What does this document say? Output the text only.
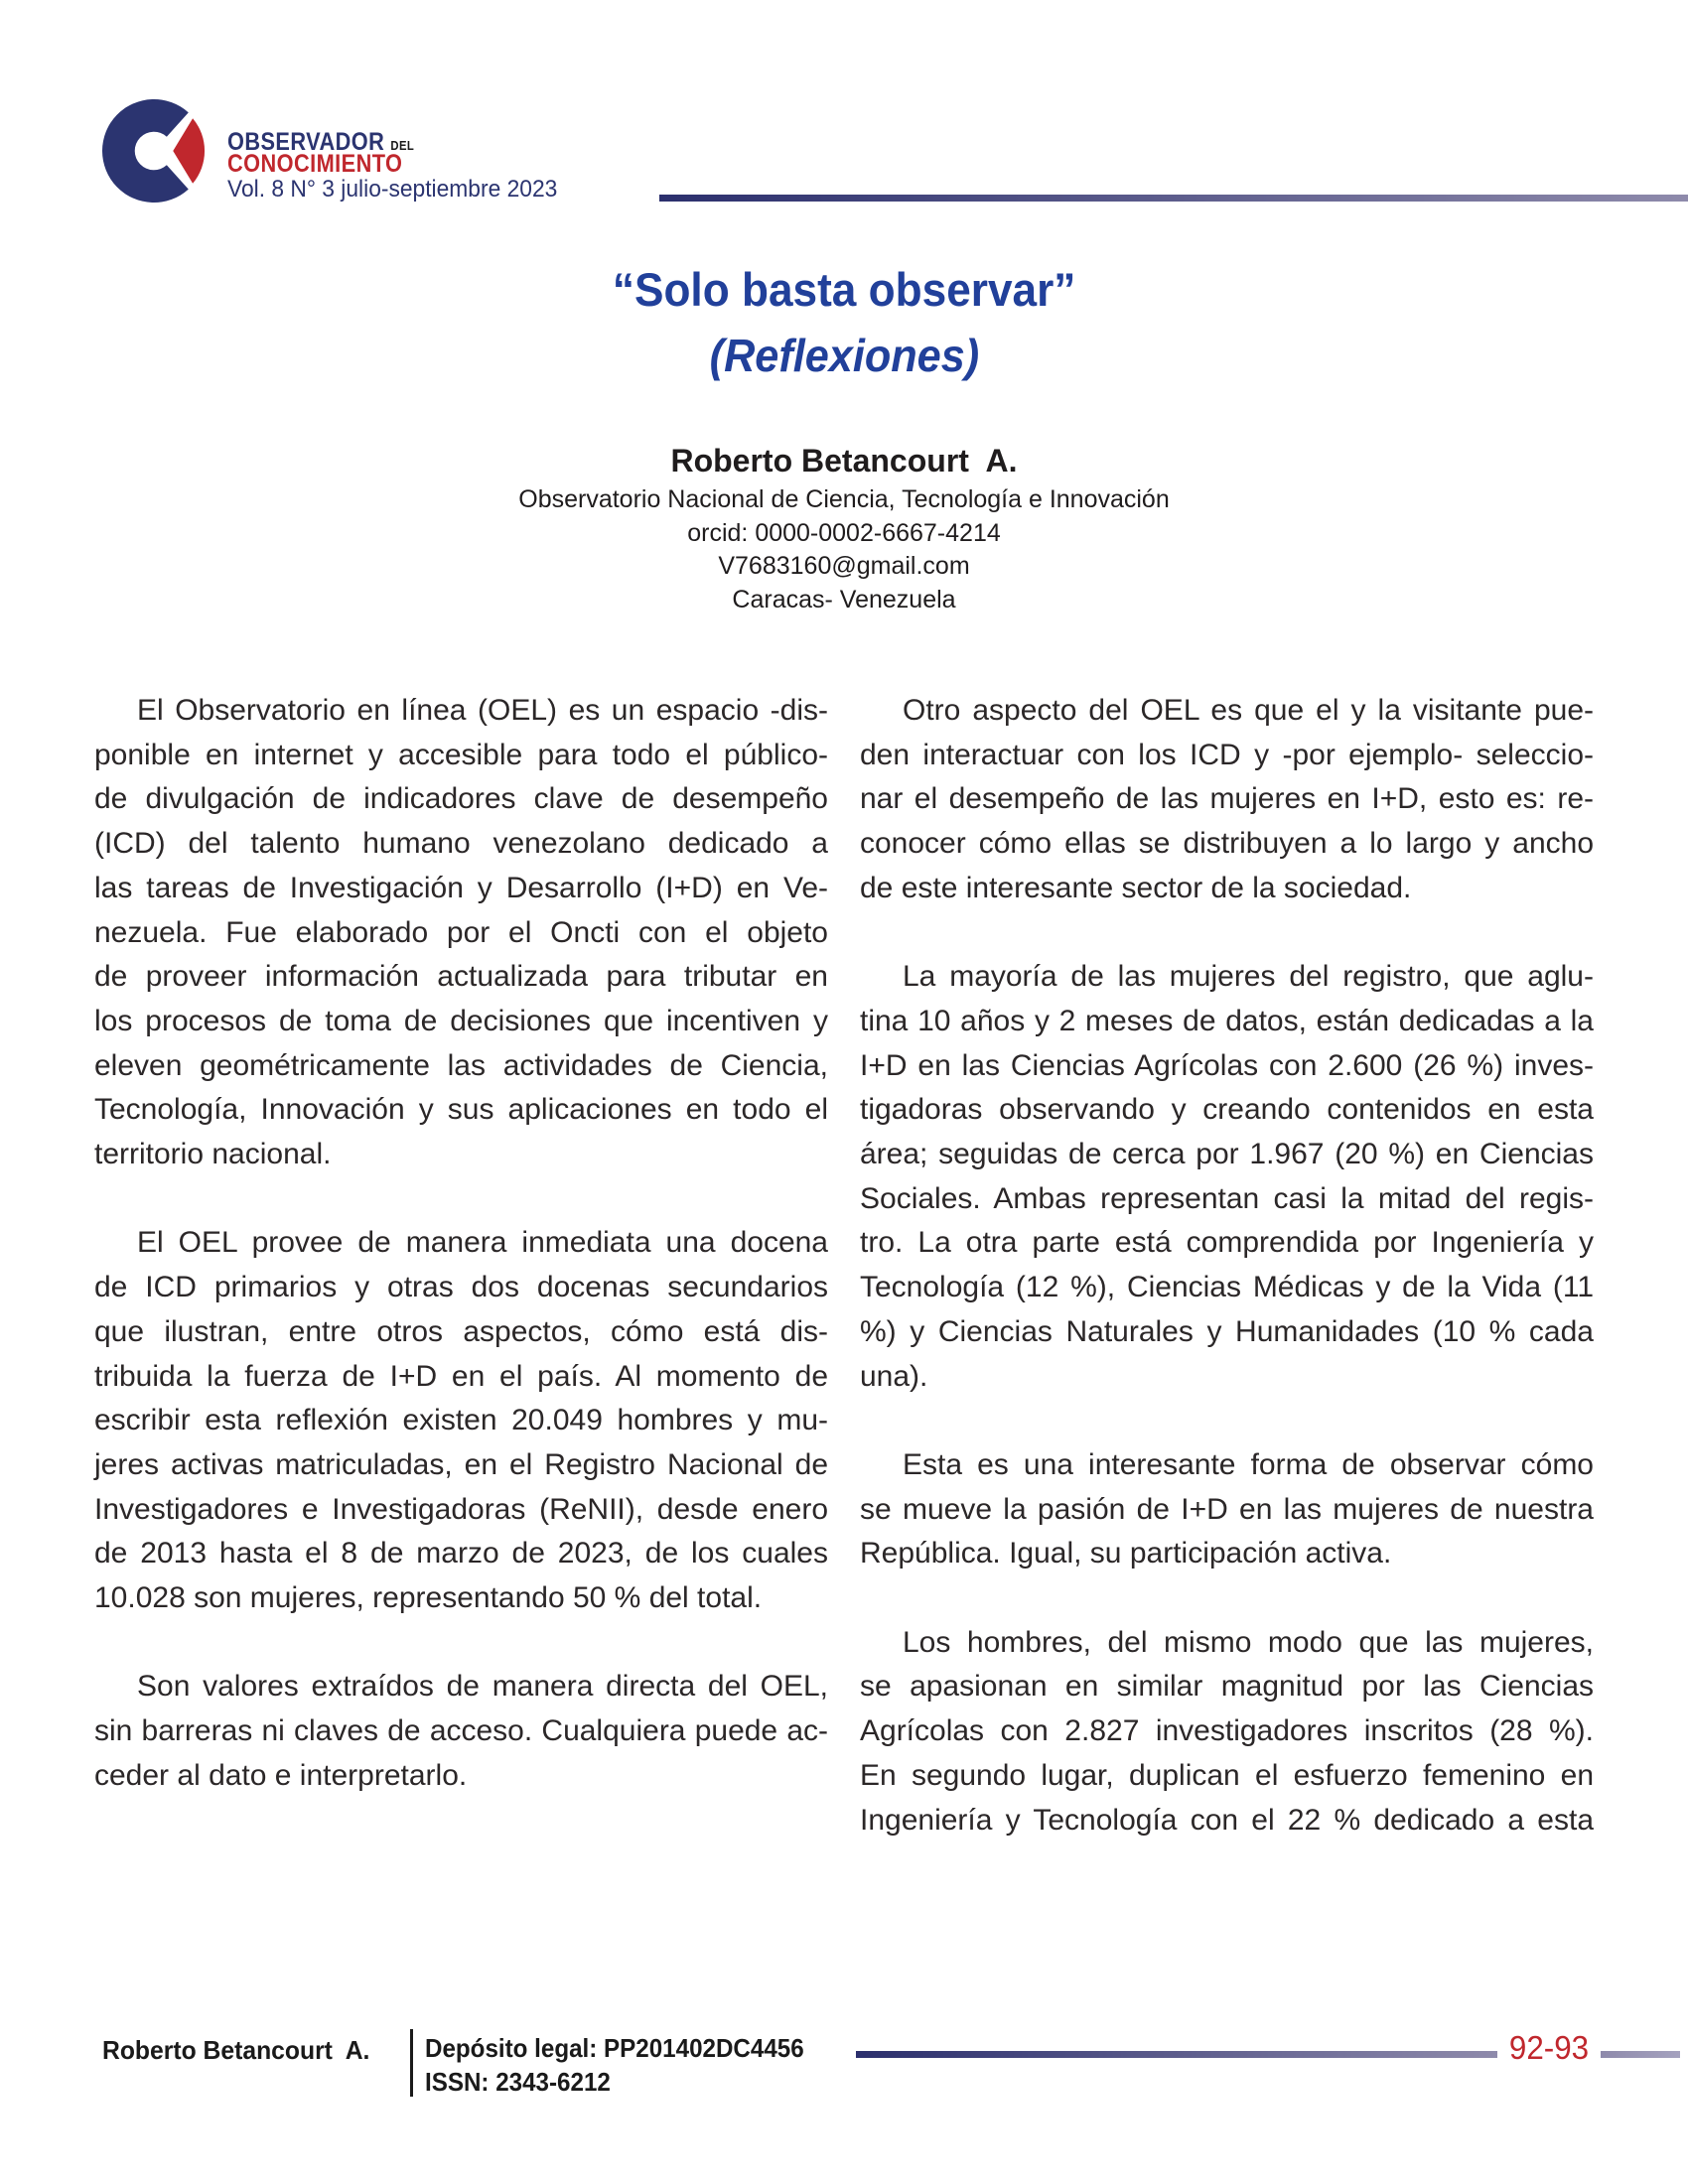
OBSERVADOR DEL
CONOCIMIENTO
Vol. 8 N° 3 julio-septiembre 2023
“Solo basta observar”
(Reflexiones)
Roberto Betancourt  A.
Observatorio Nacional de Ciencia, Tecnología e Innovación
orcid: 0000-0002-6667-4214
V7683160@gmail.com
Caracas- Venezuela
El Observatorio en línea (OEL) es un espacio -dis-
ponible en internet y accesible para todo el público-
de divulgación de indicadores clave de desempeño
(ICD) del talento humano venezolano dedicado a
las tareas de Investigación y Desarrollo (I+D) en Ve-
nezuela. Fue elaborado por el Oncti con el objeto
de proveer información actualizada para tributar en
los procesos de toma de decisiones que incentiven y
eleven geométricamente las actividades de Ciencia,
Tecnología, Innovación y sus aplicaciones en todo el
territorio nacional.
El OEL provee de manera inmediata una docena
de ICD primarios y otras dos docenas secundarios
que ilustran, entre otros aspectos, cómo está dis-
tribuida la fuerza de I+D en el país. Al momento de
escribir esta reflexión existen 20.049 hombres y mu-
jeres activas matriculadas, en el Registro Nacional de
Investigadores e Investigadoras (ReNII), desde enero
de 2013 hasta el 8 de marzo de 2023, de los cuales
10.028 son mujeres, representando 50 % del total.
Son valores extraídos de manera directa del OEL,
sin barreras ni claves de acceso. Cualquiera puede ac-
ceder al dato e interpretarlo.
Otro aspecto del OEL es que el y la visitante pue-
den interactuar con los ICD y -por ejemplo- seleccio-
nar el desempeño de las mujeres en I+D, esto es: re-
conocer cómo ellas se distribuyen a lo largo y ancho
de este interesante sector de la sociedad.
La mayoría de las mujeres del registro, que aglu-
tina 10 años y 2 meses de datos, están dedicadas a la
I+D en las Ciencias Agrícolas con 2.600 (26 %) inves-
tigadoras observando y creando contenidos en esta
área; seguidas de cerca por 1.967 (20 %) en Ciencias
Sociales. Ambas representan casi la mitad del regis-
tro. La otra parte está comprendida por Ingeniería y
Tecnología (12 %), Ciencias Médicas y de la Vida (11
%) y Ciencias Naturales y Humanidades (10 % cada
una).
Esta es una interesante forma de observar cómo
se mueve la pasión de I+D en las mujeres de nuestra
República. Igual, su participación activa.
Los hombres, del mismo modo que las mujeres,
se apasionan en similar magnitud por las Ciencias
Agrícolas con 2.827 investigadores inscritos (28 %).
En segundo lugar, duplican el esfuerzo femenino en
Ingeniería y Tecnología con el 22 % dedicado a esta
Roberto Betancourt  A. Depósito legal: PP201402DC4456
ISSN: 2343-6212
92-93
